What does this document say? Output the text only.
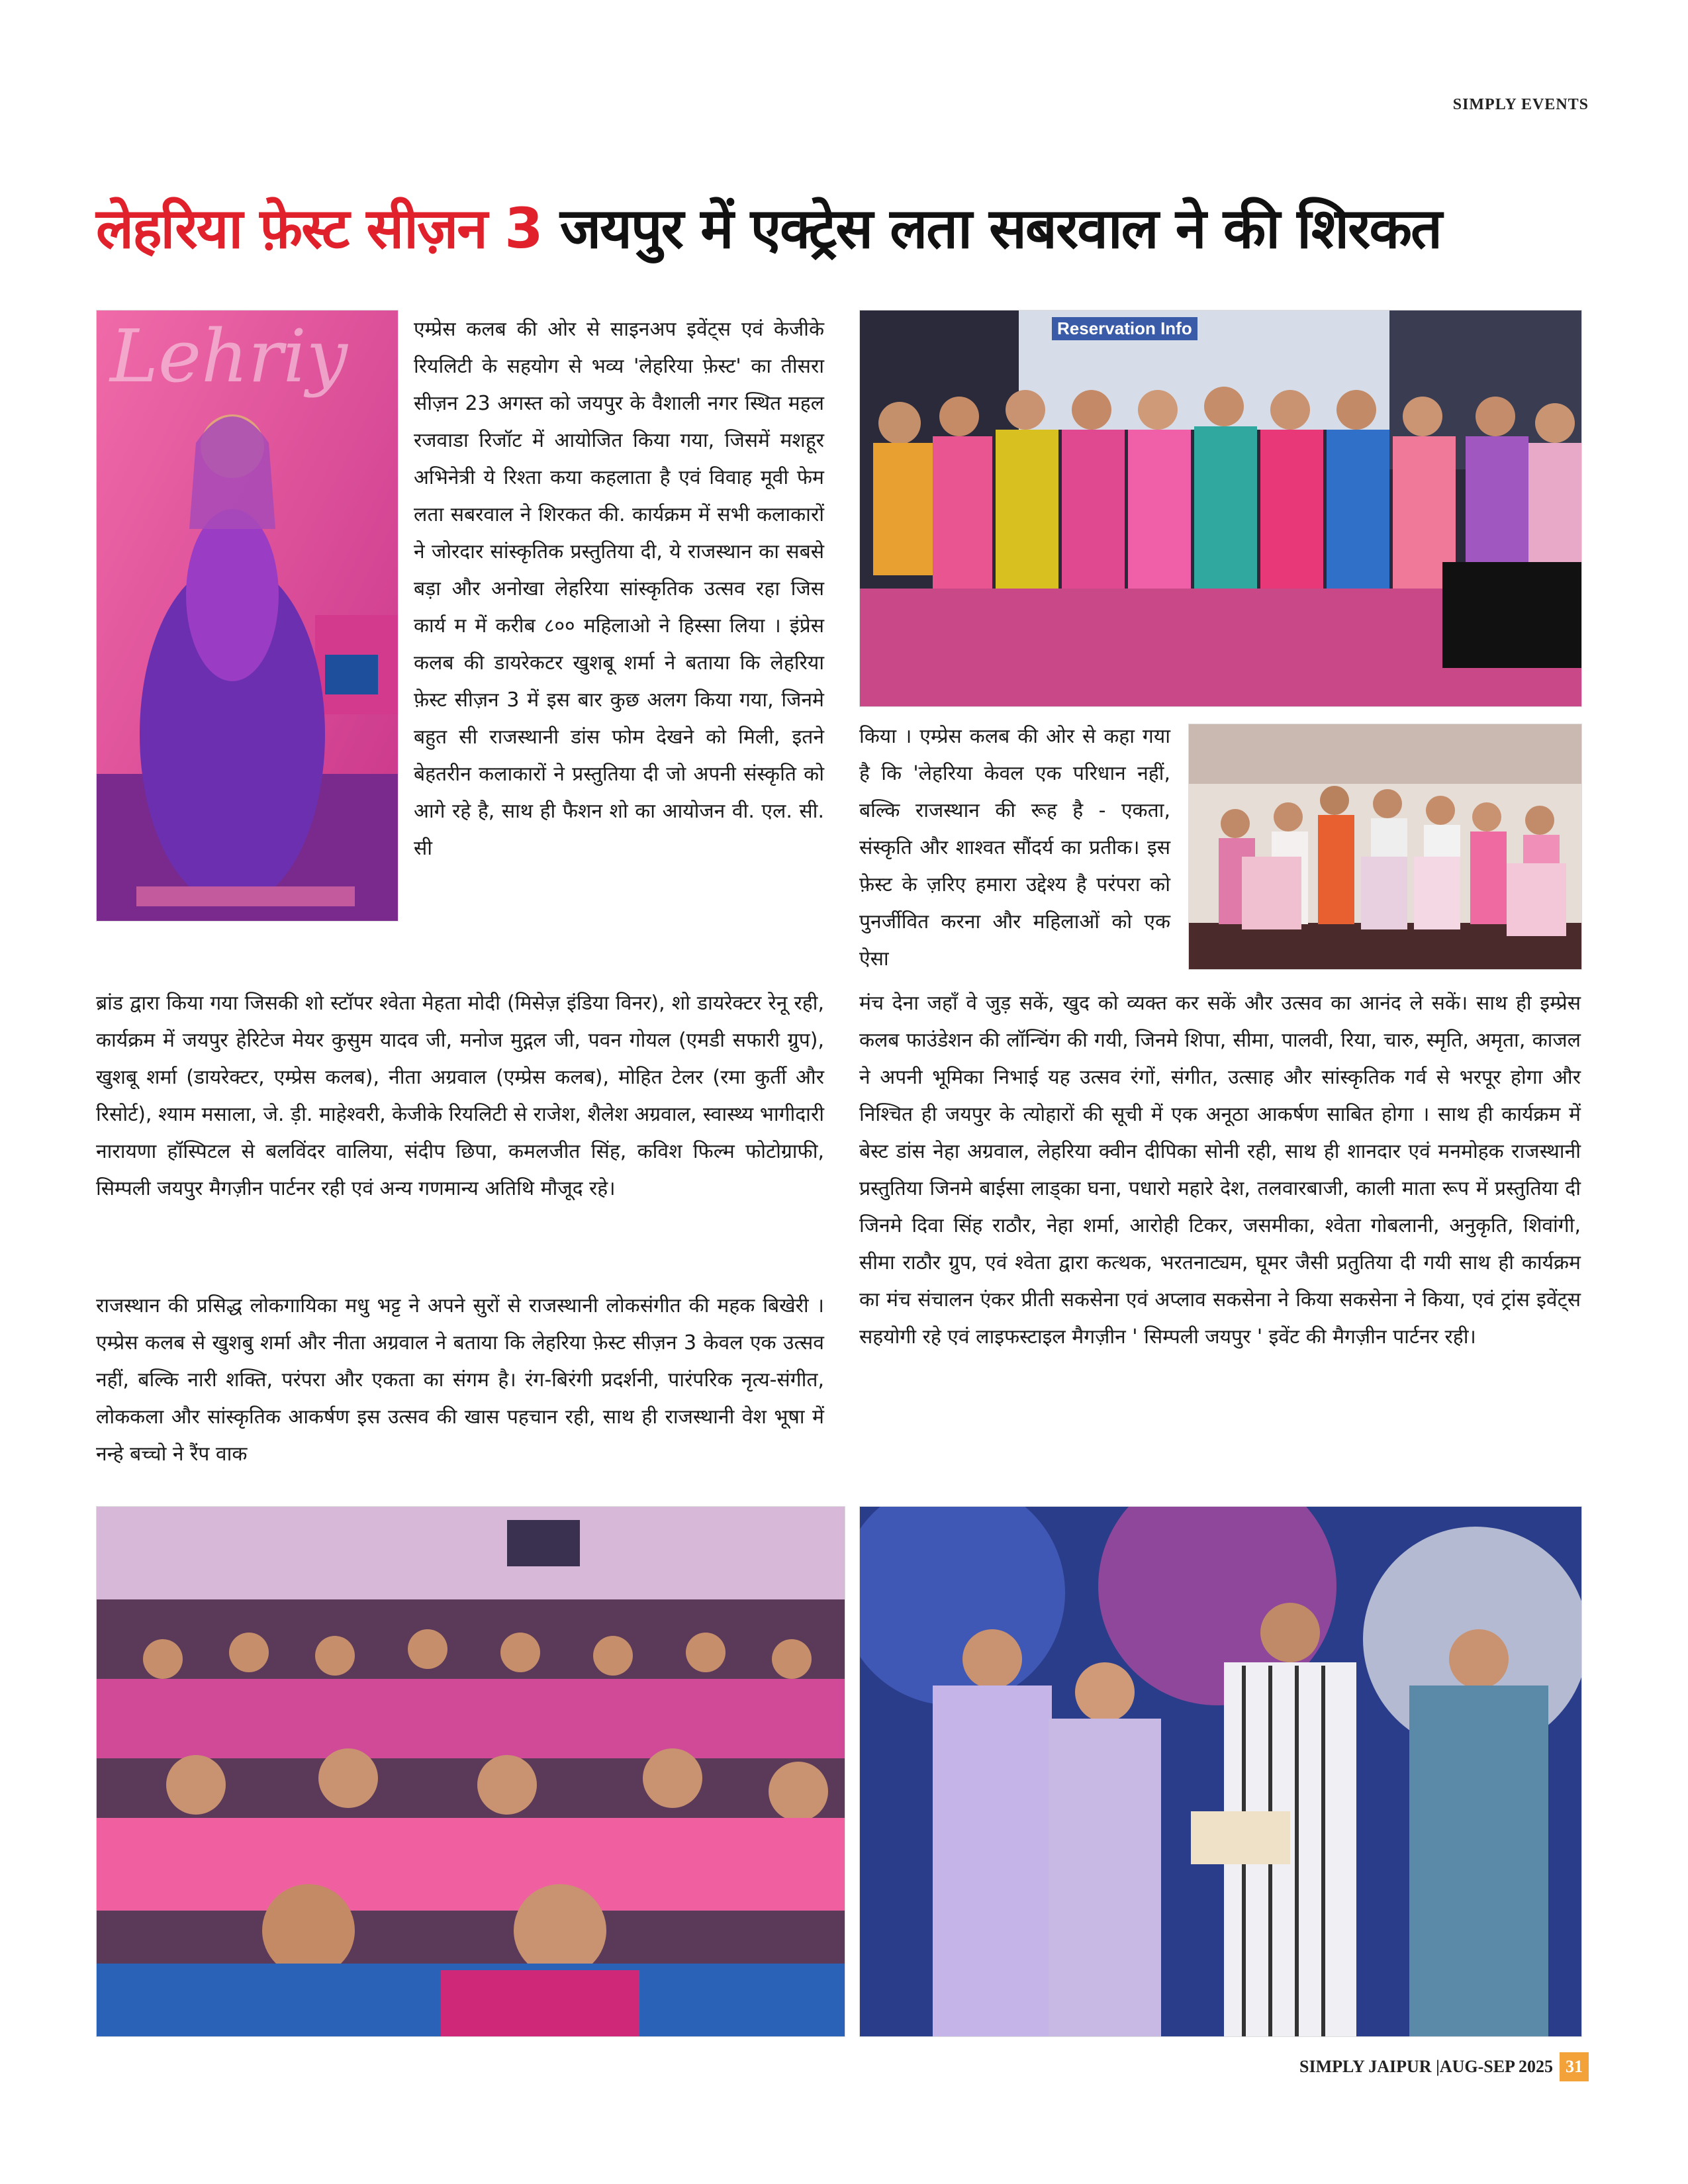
SIMPLY EVENTS
लेहरिया फ़ेस्ट सीज़न 3 जयपुर में एक्ट्रेस लता सबरवाल ने की शिरकत
Lehriy	एम्प्रेस कलब की ओर से साइनअप इवेंट्स एवं केजीके रियलिटी के सहयोग से भव्य 'लेहरिया फ़ेस्ट' का तीसरा सीज़न 23 अगस्त को जयपुर के वैशाली नगर स्थित महल रजवाडा रिजॉट में आयोजित किया गया, जिसमें मशहूर अभिनेत्री ये रिश्ता कया कहलाता है एवं विवाह मूवी फेम लता सबरवाल ने शिरकत की. कार्यक्रम में सभी कलाकारों ने जोरदार सांस्कृतिक प्रस्तुतिया दी, ये राजस्थान का सबसे बड़ा और अनोखा लेहरिया सांस्कृतिक उत्सव रहा जिस कार्य म में करीब ८०० महिलाओ ने हिस्सा लिया । इंप्रेस कलब की डायरेकटर खुशबू शर्मा ने बताया कि लेहरिया फ़ेस्ट सीज़न 3 में इस बार कुछ अलग किया गया, जिनमे बहुत सी राजस्थानी डांस फोम देखने को मिली, इतने बेहतरीन कलाकारों ने प्रस्तुतिया दी जो अपनी संस्कृति को आगे रहे है, साथ ही फैशन शो का आयोजन वी. एल. सी. सी

Reservation Info

किया । एम्प्रेस कलब की ओर से कहा गया है कि 'लेहरिया केवल एक परिधान नहीं, बल्कि राजस्थान की रूह है - एकता, संस्कृति और शाश्वत सौंदर्य का प्रतीक। इस फ़ेस्ट के ज़रिए हमारा उद्देश्य है परंपरा को पुनर्जीवित करना और महिलाओं को एक ऐसा

ब्रांड द्वारा किया गया जिसकी शो स्टॉपर श्वेता मेहता मोदी (मिसेज़ इंडिया विनर), शो डायरेक्टर रेनू रही, कार्यक्रम में जयपुर हेरिटेज मेयर कुसुम यादव जी, मनोज मुद्गल जी, पवन गोयल (एमडी सफारी ग्रुप), खुशबू शर्मा (डायरेक्टर, एम्प्रेस कलब), नीता अग्रवाल (एम्प्रेस कलब), मोहित टेलर (रमा कुर्ती और रिसोर्ट), श्याम मसाला, जे. ड़ी. माहेश्वरी, केजीके रियलिटी से राजेश, शैलेश अग्रवाल, स्वास्थ्य भागीदारी नारायणा हॉस्पिटल से बलविंदर वालिया, संदीप छिपा, कमलजीत सिंह, कविश फिल्म फोटोग्राफी, सिम्पली जयपुर मैगज़ीन पार्टनर रही एवं अन्य गणमान्य अतिथि मौजूद रहे।

राजस्थान की प्रसिद्ध लोकगायिका मधु भट्ट ने अपने सुरों से राजस्थानी लोकसंगीत की महक बिखेरी । एम्प्रेस कलब से खुशबु शर्मा और नीता अग्रवाल ने बताया कि लेहरिया फ़ेस्ट सीज़न 3 केवल एक उत्सव नहीं, बल्कि नारी शक्ति, परंपरा और एकता का संगम है। रंग-बिरंगी प्रदर्शनी, पारंपरिक नृत्य-संगीत, लोककला और सांस्कृतिक आकर्षण इस उत्सव की खास पहचान रही, साथ ही राजस्थानी वेश भूषा में नन्हे बच्चो ने रैंप वाक

मंच देना जहाँ वे जुड़ सकें, खुद को व्यक्त कर सकें और उत्सव का आनंद ले सकें। साथ ही इम्प्रेस कलब फाउंडेशन की लॉन्चिंग की गयी, जिनमे शिपा, सीमा, पालवी, रिया, चारु, स्मृति, अमृता, काजल ने अपनी भूमिका निभाई यह उत्सव रंगों, संगीत, उत्साह और सांस्कृतिक गर्व से भरपूर होगा और निश्चित ही जयपुर के त्योहारों की सूची में एक अनूठा आकर्षण साबित होगा । साथ ही कार्यक्रम में बेस्ट डांस नेहा अग्रवाल, लेहरिया क्वीन दीपिका सोनी रही, साथ ही शानदार एवं मनमोहक राजस्थानी प्रस्तुतिया जिनमे बाईसा लाड्का घना, पधारो महारे देश, तलवारबाजी, काली माता रूप में प्रस्तुतिया दी जिनमे दिवा सिंह राठौर, नेहा शर्मा, आरोही टिकर, जसमीका, श्वेता गोबलानी, अनुकृति, शिवांगी, सीमा राठौर ग्रुप, एवं श्वेता द्वारा कत्थक, भरतनाट्यम, घूमर जैसी प्रतुतिया दी गयी साथ ही कार्यक्रम का मंच संचालन एंकर प्रीती सकसेना एवं अप्लाव सकसेना ने किया सकसेना ने किया, एवं ट्रांस इवेंट्स सहयोगी रहे एवं लाइफस्टाइल मैगज़ीन ' सिम्पली जयपुर ' इवेंट की मैगज़ीन पार्टनर रही।

SIMPLY JAIPUR |AUG-SEP 2025 31
